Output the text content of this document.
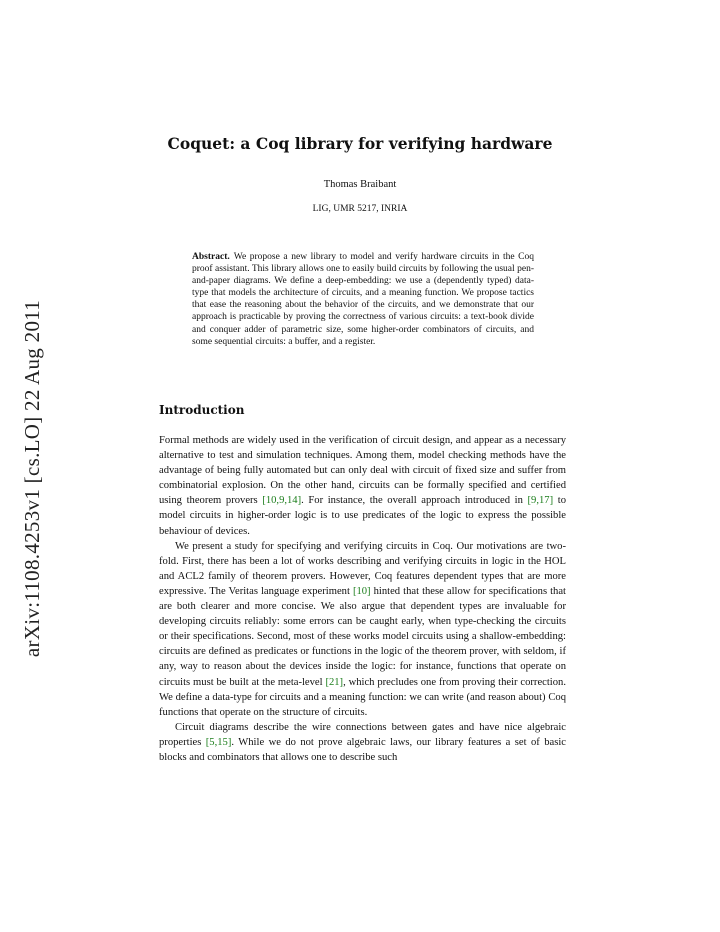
arXiv:1108.4253v1 [cs.LO] 22 Aug 2011
Coquet: a Coq library for verifying hardware
Thomas Braibant
LIG, UMR 5217, INRIA

Abstract. We propose a new library to model and verify hardware circuits in the Coq proof assistant. This library allows one to easily build circuits by following the usual pen-and-paper diagrams. We define a deep-embedding: we use a (dependently typed) data-type that models the architecture of circuits, and a meaning function. We propose tactics that ease the reasoning about the behavior of the circuits, and we demonstrate that our approach is practicable by proving the correctness of various circuits: a text-book divide and conquer adder of parametric size, some higher-order combinators of circuits, and some sequential circuits: a buffer, and a register.

Introduction

Formal methods are widely used in the verification of circuit design, and appear as a necessary alternative to test and simulation techniques. Among them, model checking methods have the advantage of being fully automated but can only deal with circuit of fixed size and suffer from combinatorial explosion. On the other hand, circuits can be formally specified and certified using theorem provers [10,9,14]. For instance, the overall approach introduced in [9,17] to model circuits in higher-order logic is to use predicates of the logic to express the possible behaviour of devices.

We present a study for specifying and verifying circuits in Coq. Our motivations are two-fold. First, there has been a lot of works describing and verifying circuits in logic in the HOL and ACL2 family of theorem provers. However, Coq features dependent types that are more expressive. The Veritas language experiment [10] hinted that these allow for specifications that are both clearer and more concise. We also argue that dependent types are invaluable for developing circuits reliably: some errors can be caught early, when type-checking the circuits or their specifications. Second, most of these works model circuits using a shallow-embedding: circuits are defined as predicates or functions in the logic of the theorem prover, with seldom, if any, way to reason about the devices inside the logic: for instance, functions that operate on circuits must be built at the meta-level [21], which precludes one from proving their correction. We define a data-type for circuits and a meaning function: we can write (and reason about) Coq functions that operate on the structure of circuits.

Circuit diagrams describe the wire connections between gates and have nice algebraic properties [5,15]. While we do not prove algebraic laws, our library features a set of basic blocks and combinators that allows one to describe such
